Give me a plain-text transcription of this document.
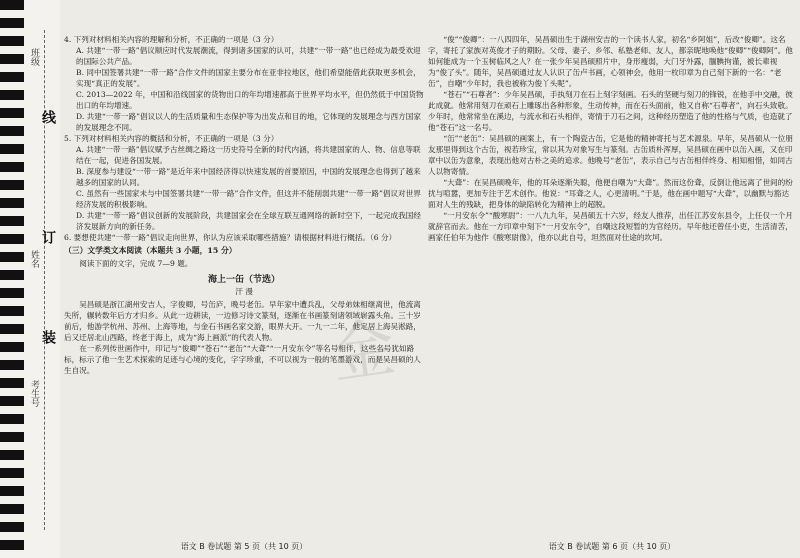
班级
姓名
考生号
线
订
装	金

4. 下列对材料相关内容的理解和分析，不正确的一项是（3 分）

A. 共建“一带一路”倡议顺应时代发展潮流，得到诸多国家的认可，共建“一带一路”也已经成为最受欢迎的国际公共产品。

B. 同中国签署共建“一带一路”合作文件的国家主要分布在亚非拉地区，他们希望能借此获取更多机会，实现“真正的发展”。

C. 2013—2022 年，中国和沿线国家的货物出口的年均增速都高于世界平均水平，但仍然低于中国货物出口的年均增速。

D. 共建“一带一路”倡议以人的生活质量和生态保护等为出发点和目的地，它体现的发展理念与西方国家的发展理念不同。

5. 下列对材料相关内容的概括和分析，不正确的一项是（3 分）

A. 共建“一带一路”倡议赋予古丝绸之路这一历史符号全新的时代内涵，将共建国家的人、物、信息等联结在一起，促进各国发展。

B. 深度参与建设“一带一路”是近年来中国经济得以快速发展的首要原因，中国的发展理念也得到了越来越多的国家的认同。

C. 虽然有一些国家未与中国签署共建“一带一路”合作文件，但这并不能削弱共建“一带一路”倡议对世界经济发展的积极影响。

D. 共建“一带一路”倡议创新的发展阶段，共建国家会在全球互联互通网络的新时空下，一起完成我国经济发展新方向的新任务。

6. 要想使共建“一带一路”倡议走向世界，你认为应该采取哪些措施？请根据材料进行概括。（6 分）

（三）文学类文本阅读（本题共 3 小题，15 分）

阅读下面的文字，完成 7—9 题。

海上一缶（节选）

汗 漫

吴昌硕是浙江湖州安吉人，字俊卿，号缶庐，晚号老缶。早年家中遭兵乱，父母弟妹相继离世，他流离失所，辗转数年后方才归乡。从此一边耕读，一边修习诗文篆刻，逐渐在书画篆刻诸领域崭露头角。三十岁前后，他游学杭州、苏州、上海等地，与金石书画名家交游，眼界大开。一九一二年，他定居上海吴淞路，后又迁居北山西路，终老于海上，成为“海上画派”的代表人物。

在一系列传世画作中，印记与“俊卿”“苍石”“老缶”“大聋”“一月安东令”等名号相伴，这些名号犹如路标，标示了他一生艺术探索的足迹与心境的变化，字字珍重，不可以视为一般的笔墨游戏，而是吴昌硕的人生自况。

语文 B 卷试题 第 5 页（共 10 页）

“俊”“俊卿”：一八四四年，吴昌硕出生于湖州安吉的一个读书人家，初名“乡阿姐”，后改“俊卿”。这名字，寄托了家族对英俊才子的期盼。父母、妻子、乡邻、私塾老师、友人，都亲昵地唤他“俊卿”“俊卿阿”。他如何能成为一个玉树临风之人？在一张少年吴昌硕照片中，身形瘦弱，大门牙外露，腼腆拘谨，被长辈视为“俊了头”。随年，吴昌硕通过友人认识了缶卢书画，心领神会，他用一枚印章为自己刻下新的一名：“老缶”，自嘲“少年时，我也被称为俊丫头呢”。

“苍石”“石尊者”：少年吴昌硕，手执刻刀在石上刻字刻画。石头的坚硬与刻刀的锋锐，在他手中交融，彼此成就。他常用刻刀在顽石上雕琢出各种形象，生动传神，而在石头面前，他又自称“石尊者”，向石头致敬。少年时，他常常坐在溪边，与流水和石头相伴，寄情于刀石之间，这种经历塑造了他的性格与气质，也造就了他“苍石”这一名号。

“缶”“老缶”：吴昌硕的画案上，有一个陶瓷古缶，它是他的精神寄托与艺术源泉。早年，吴昌硕从一位朋友那里得到这个古缶，视若珍宝，常以其为对象写生与篆刻。古缶质朴浑厚，吴昌硕在画中以缶入画，又在印章中以缶为意象，表现出他对古朴之美的追求。他晚号“老缶”，表示自己与古缶相伴终身、相知相惜，如同古人以物寄情。

“大聋”：在吴昌硕晚年，他的耳朵逐渐失聪，他便自嘲为“大聋”。然而这份聋，反倒让他远离了世间的纷扰与喧嚣，更加专注于艺术创作。他说：“耳聋之人，心更清明。”于是，他在画中题写“大聋”，以幽默与豁达面对人生的残缺，把身体的缺陷转化为精神上的超脱。

“一月安东令”“酸寒尉”：一八九九年，吴昌硕五十六岁，经友人推荐，出任江苏安东县令，上任仅一个月就辞官而去。他在一方印章中刻下“一月安东令”，自嘲这段短暂的为官经历。早年他还曾任小吏，生活清苦，画家任伯年为他作《酸寒尉像》，他亦以此自号，坦然面对仕途的坎坷。

语文 B 卷试题 第 6 页（共 10 页）
